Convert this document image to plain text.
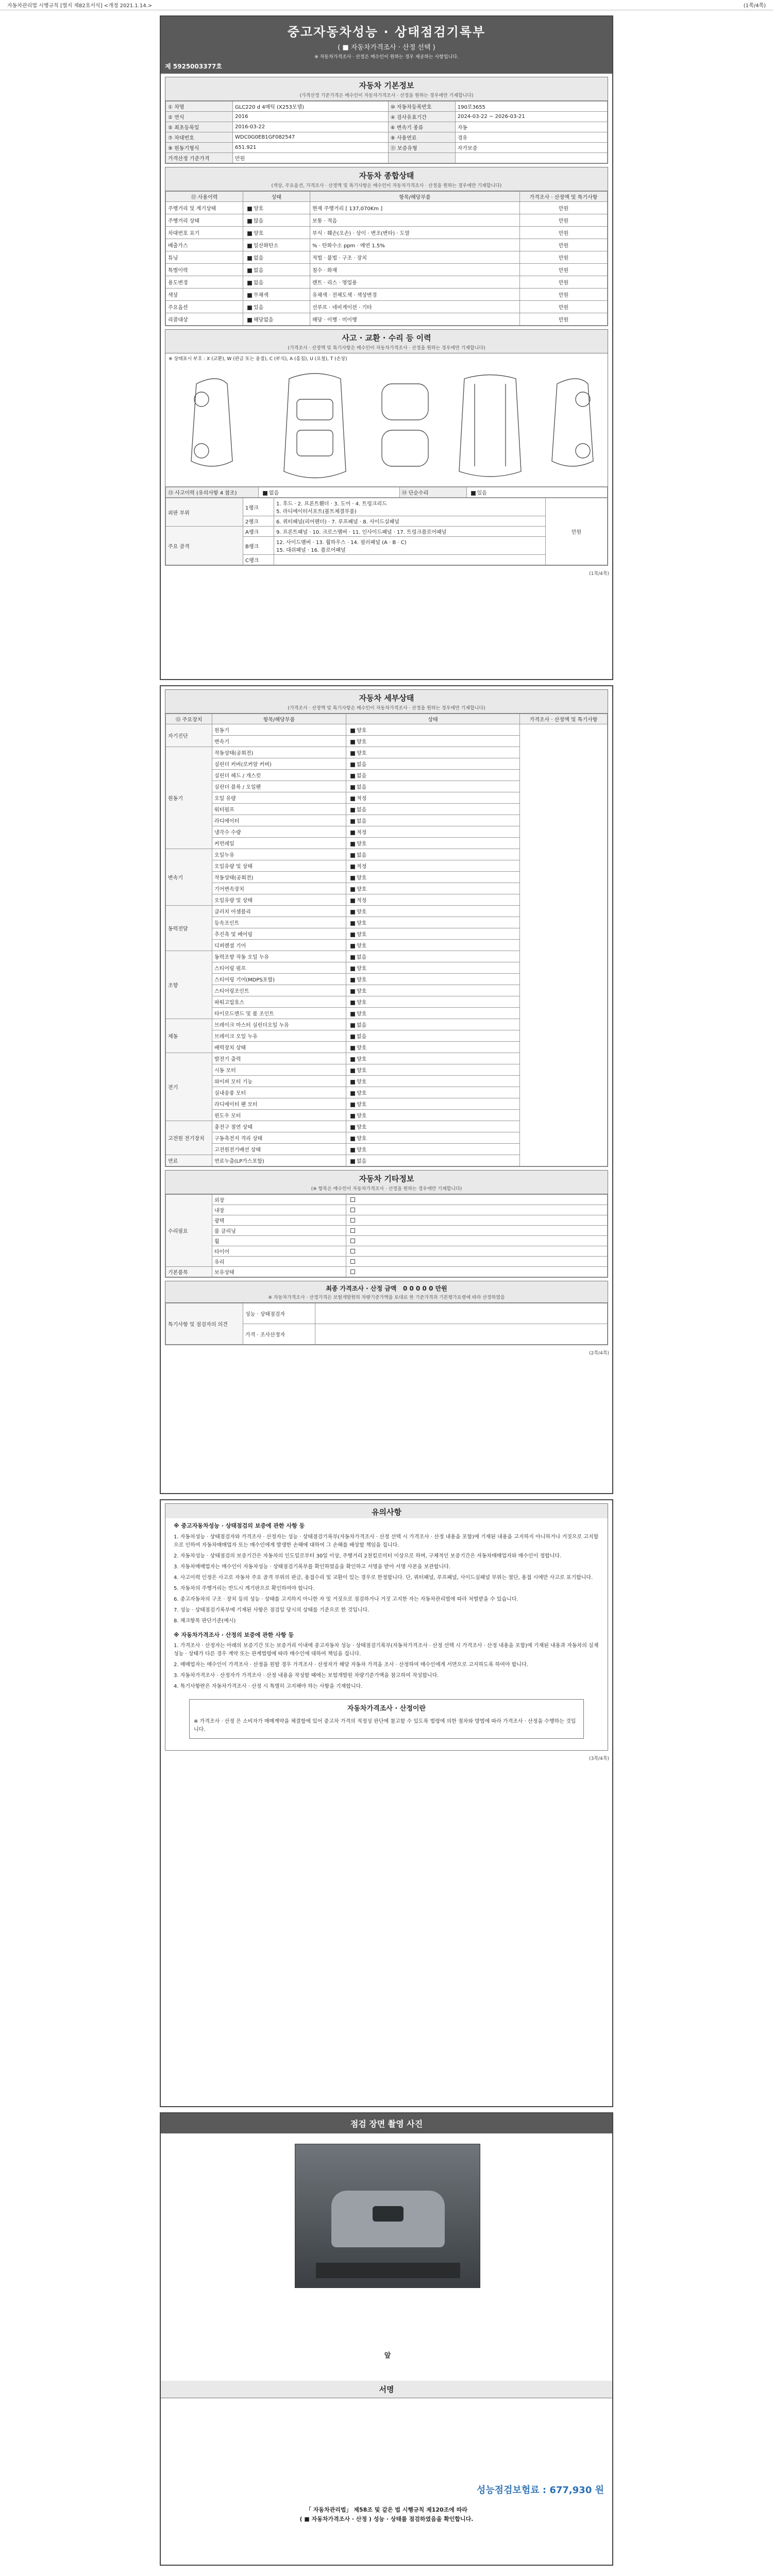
자동차관리법 시행규칙 [별지 제82호서식] <개정 2021.1.14.>	(1쪽/4쪽)
중고자동차성능 · 상태점검기록부
( ■ 자동차가격조사 · 산정 선택 )
※ 자동차가격조사 · 산정은 매수인이 원하는 경우 제공하는 사항입니다.
제 5925003377호
자동차 기본정보
(가격산정 기준가격은 매수인이 자동차가격조사 · 산정을 원하는 경우에만 기재합니다)
① 차명	GLC220 d 4매틱 (X253모델)	⑩ 자동차등록번호	190로3655
② 연식	2016	④ 검사유효기간	2024-03-22 ~ 2026-03-21
⑤ 최초등록일	2016-03-22	⑥ 변속기 종류	자동
⑦ 차대번호	WDC0G0EB1GF082547	⑧ 사용연료	경유
⑨ 원동기형식	651.921	⑪ 보증유형	자가보증
가격산정 기준가격	만원		
자동차 종합상태
(색상, 주요옵션, 가격조사 · 산정액 및 특기사항은 매수인이 자동차가격조사 · 산정을 원하는 경우에만 기재합니다)
⑫ 사용이력	상태	항목/해당부품	가격조사 · 산정액 및 특기사항
주행거리 및 계기상태	양호	현재 주행거리 [ 137,070Km ]	만원
주행거리 상태	많음	보통 · 적음	만원
차대번호 표기	양호	부식 · 훼손(오손) · 상이 · 변조(변타) · 도말	만원
배출가스	일산화탄소	% · 탄화수소 ppm · 매연 1.5%	만원
튜닝	없음	적법 · 불법 · 구조 · 장치	만원
특별이력	없음	침수 · 화재	만원
용도변경	없음	렌트 · 리스 · 영업용	만원
색상	무채색	유채색 · 전체도색 · 색상변경	만원
주요옵션	있음	선루프 · 네비게이션 · 기타	만원
리콜대상	해당없음	해당 · 이행 · 미이행	만원
사고 · 교환 · 수리 등 이력
(가격조사 · 산정액 및 특기사항은 매수인이 자동차가격조사 · 산정을 원하는 경우에만 기재합니다)
※ 상태표시 부호 : X (교환), W (판금 또는 용접), C (부식), A (흠집), U (요철), T (손상)
⑬ 사고이력 (유의사항 4 참조)	없음	⑭ 단순수리	있음
외판 부위	1랭크	1. 후드 · 2. 프론트휀더 · 3. 도어 · 4. 트렁크리드
5. 라디에이터서포트(볼트체결부품)	만원
	2랭크	6. 쿼터패널(리어펜더) · 7. 루프패널 · 8. 사이드실패널	
주요 골격	A랭크	9. 프론트패널 · 10. 크로스멤버 · 11. 인사이드패널 · 17. 트렁크플로어패널	
	B랭크	12. 사이드멤버 · 13. 휠하우스 · 14. 필러패널 (A · B · C)
15. 대쉬패널 · 16. 플로어패널	
	C랭크		
(1쪽/4쪽)
자동차 세부상태
(가격조사 · 산정액 및 특기사항은 매수인이 자동차가격조사 · 산정을 원하는 경우에만 기재합니다)
⑮ 주요장치	항목/해당부품	상태	가격조사 · 산정액 및 특기사항
자기진단	원동기	양호	
	변속기	양호	
원동기	작동상태(공회전)	양호	
	실린더 커버(로커암 커버)	없음	
	실린더 헤드 / 개스킷	없음	
	실린더 블록 / 오일팬	없음	
	오일 유량	적정	
	워터펌프	없음	
	라디에이터	없음	
	냉각수 수량	적정	
	커먼레일	양호	
변속기	오일누유	없음	
	오일유량 및 상태	적정	
	작동상태(공회전)	양호	
	기어변속장치	양호	
	오일유량 및 상태	적정	
동력전달	클러치 어셈블리	양호	
	등속조인트	양호	
	추진축 및 베어링	양호	
	디퍼렌셜 기어	양호	
조향	동력조향 작동 오일 누유	없음	
	스티어링 펌프	양호	
	스티어링 기어(MDPS포함)	양호	
	스티어링조인트	양호	
	파워고압호스	양호	
	타이로드엔드 및 볼 조인트	양호	
제동	브레이크 마스터 실린더오일 누유	없음	
	브레이크 오일 누유	없음	
	배력장치 상태	양호	
전기	발전기 출력	양호	
	시동 모터	양호	
	와이퍼 모터 기능	양호	
	실내송풍 모터	양호	
	라디에이터 팬 모터	양호	
	윈도우 모터	양호	
고전원 전기장치	충전구 절연 상태	양호	
	구동축전지 격리 상태	양호	
	고전원전기배선 상태	양호	
연료	연료누출(LP가스포함)	없음	
자동차 기타정보
(※ 항목은 매수인이 자동차가격조사 · 산정을 원하는 경우에만 기재합니다)
수리필요	외장	
	내장	
	광택	
	룸 클리닝	
	휠	
	타이어	
	유리	
기본품목	보유상태	
최종 가격조사 · 산정 금액 0 0 0 0 0 만원
※ 자동차가격조사 · 산정가격은 보험개발원의 차량기준가액을 토대로 한 기준가격과 기본평가요령에 따라 산정하였음
특기사항 및 점검자의 의견	성능 · 상태점검자	
	가격 · 조사산정자	
(2쪽/4쪽)
유의사항

※ 중고자동차성능 · 상태점검의 보증에 관한 사항 등

1. 자동차성능 · 상태점검자와 가격조사 · 산정자는 성능 · 상태점검기록부(자동차가격조사 · 산정 선택 시 가격조사 · 산정 내용을 포함)에 기재된 내용을 고지하지 아니하거나 거짓으로 고지함으로 인하여 자동차매매업자 또는 매수인에게 발생한 손해에 대하여 그 손해를 배상할 책임을 집니다.

2. 자동차성능 · 상태점검의 보증기간은 자동차의 인도일로부터 30일 이상, 주행거리 2천킬로미터 이상으로 하며, 구체적인 보증기간은 자동차매매업자와 매수인이 정합니다.

3. 자동차매매업자는 매수인이 자동차성능 · 상태점검기록부를 확인하였음을 확인하고 서명을 받아 서명 사본을 보관합니다.

4. 사고이력 인정은 사고로 자동차 주요 골격 부위의 판금, 용접수리 및 교환이 있는 경우로 한정합니다. 단, 쿼터패널, 루프패널, 사이드실패널 부위는 절단, 용접 시에만 사고로 표기합니다.

5. 자동차의 주행거리는 반드시 계기판으로 확인하여야 합니다.

6. 중고자동차의 구조 · 장치 등의 성능 · 상태를 고지하지 아니한 자 및 거짓으로 점검하거나 거짓 고지한 자는 자동차관리법에 따라 처벌받을 수 있습니다.

7. 성능 · 상태점검기록부에 기재된 사항은 점검일 당시의 상태를 기준으로 한 것입니다.

8. 체크항목 판단기준(예시)

※ 자동차가격조사 · 산정의 보증에 관한 사항 등

1. 가격조사 · 산정자는 아래의 보증기간 또는 보증거리 이내에 중고자동차 성능 · 상태점검기록부(자동차가격조사 · 산정 선택 시 가격조사 · 산정 내용을 포함)에 기재된 내용과 자동차의 실제 성능 · 상태가 다른 경우 계약 또는 관계법령에 따라 매수인에 대하여 책임을 집니다.

2. 매매업자는 매수인이 가격조사 · 산정을 원할 경우 가격조사 · 산정자가 해당 자동차 가격을 조사 · 산정하여 매수인에게 서면으로 고지하도록 하여야 합니다.

3. 자동차가격조사 · 산정자가 가격조사 · 산정 내용을 작성할 때에는 보험개발원 차량기준가액을 참고하여 작성합니다.

4. 특기사항란은 자동차가격조사 · 산정 시 특별히 고지해야 하는 사항을 기재합니다.

자동차가격조사 · 산정이란
※ 가격조사 · 산정 은 소비자가 매매계약을 체결함에 있어 중고차 가격의 적정성 판단에 참고할 수 있도록 법령에 의한 절차와 방법에 따라 가격조사 · 산정을 수행하는 것입니다.
(3쪽/4쪽)
점검 장면 촬영 사진
앞
서명
성능점검보험료 : 677,930 원
「 자동차관리법」 제58조 및 같은 법 시행규칙 제120조에 따라
( ■ 자동차가격조사 · 산정 ) 성능 · 상태를 점검하였음을 확인합니다.
